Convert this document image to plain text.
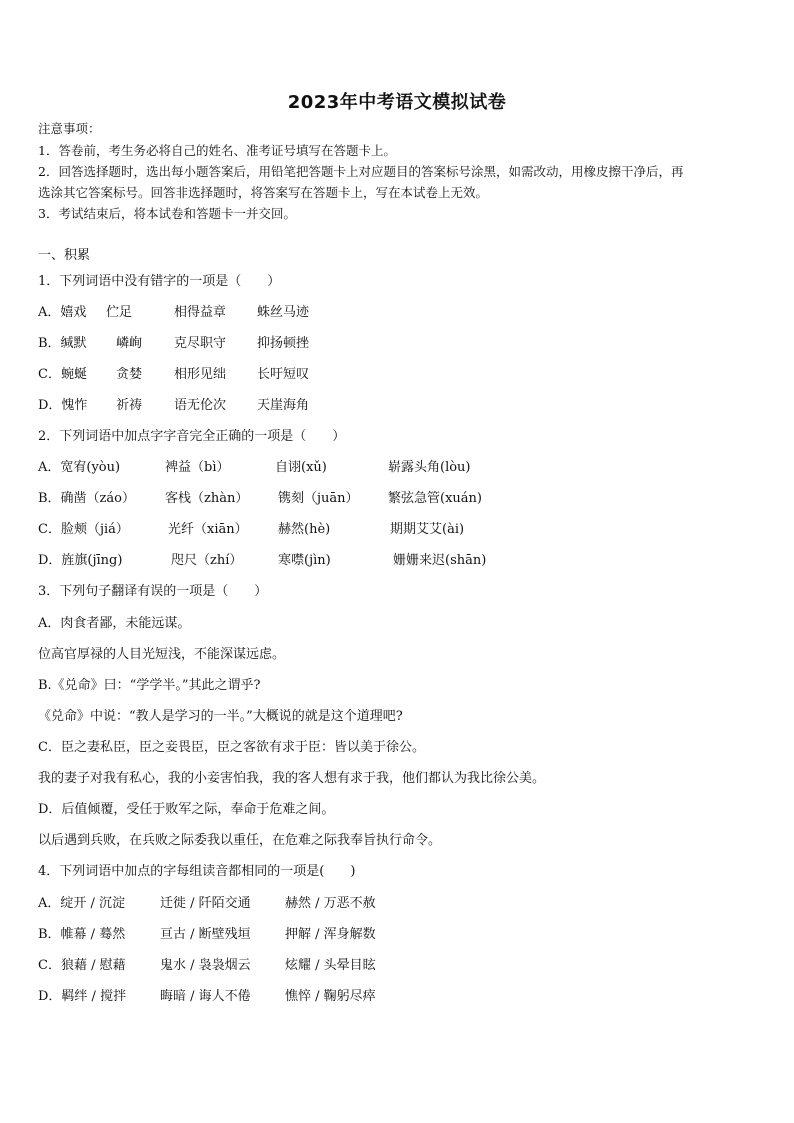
2023年中考语文模拟试卷
注意事项：
1．答卷前，考生务必将自己的姓名、准考证号填写在答题卡上。
2．回答选择题时，选出每小题答案后，用铅笔把答题卡上对应题目的答案标号涂黑，如需改动，用橡皮擦干净后，再
选涂其它答案标号。回答非选择题时，将答案写在答题卡上，写在本试卷上无效。
3．考试结束后，将本试卷和答题卡一并交回。
一、积累
1．下列词语中没有错字的一项是（　　）
A．嬉戏 伫足	相得益章 蛛丝马迹
B．缄默 嶙峋 克尽职守 抑扬顿挫
C．蜿蜒 贪婪 相形见绌 长吁短叹
D．愧怍 祈祷 语无伦次 天崖海角
2．下列词语中加点字字音完全正确的一项是（　　）
A．宽宥(yòu)	裨益（bì）	自诩(xǔ)	崭露头角(lòu)
B．确凿（záo） 客栈（zhàn） 镌刻（juān） 繁弦急管(xuán)
C．脸颊（jiá）	光纤（xiān） 赫然(hè)	期期艾艾(ài)
D．旌旗(jīng)	咫尺（zhí）	寒噤(jìn)	姗姗来迟(shān)
3．下列句子翻译有误的一项是（　　）
A．肉食者鄙，未能远谋。
位高官厚禄的人目光短浅，不能深谋远虑。
B.《兑命》曰：“学学半。”其此之谓乎?
《兑命》中说：“教人是学习的一半。”大概说的就是这个道理吧?
C．臣之妻私臣，臣之妾畏臣，臣之客欲有求于臣：皆以美于徐公。
我的妻子对我有私心，我的小妾害怕我，我的客人想有求于我，他们都认为我比徐公美。
D．后值倾覆，受任于败军之际，奉命于危难之间。
以后遇到兵败，在兵败之际委我以重任，在危难之际我奉旨执行命令。
4．下列词语中加点的字每组读音都相同的一项是(　　)
A．绽开 / 沉淀	迁徙 / 阡陌交通	赫然 / 万恶不赦
B．帷幕 / 蓦然	亘古 / 断壁残垣	押解 / 浑身解数
C．狼藉 / 慰藉	鬼水 / 袅袅烟云	炫耀 / 头晕目眩
D．羁绊 / 搅拌	晦暗 / 诲人不倦	憔悴 / 鞠躬尽瘁
